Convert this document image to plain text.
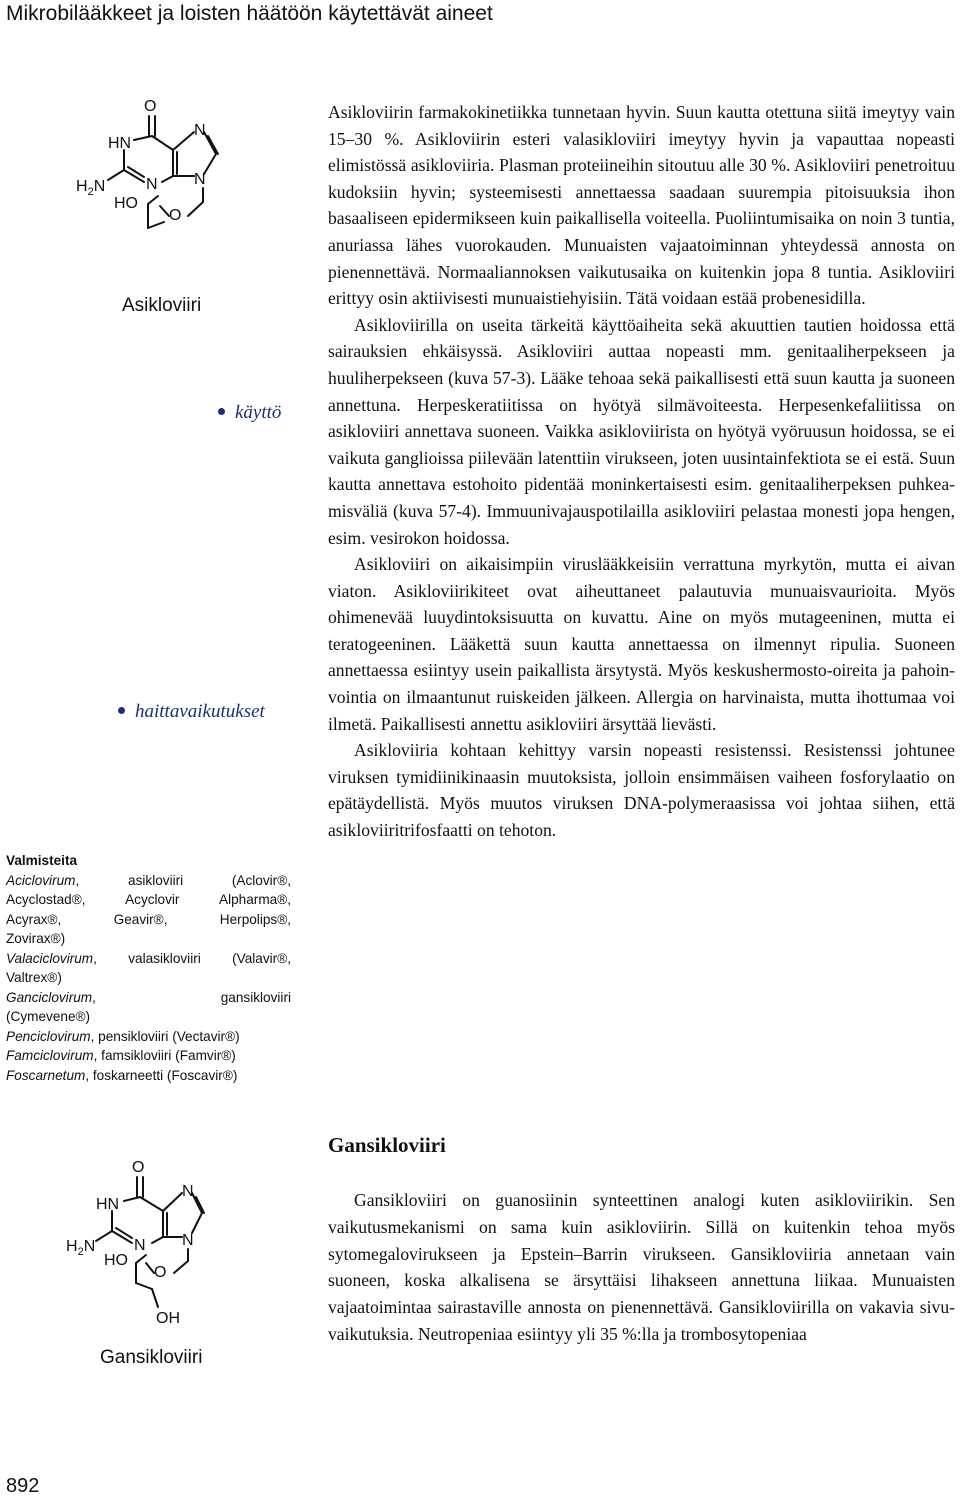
Mikrobilääkkeet ja loisten häätöön käytettävät aineet
O
HN
N
$H_2N$	N N
HO
O
Asikloviiri
käyttö
haittavaikutukset
Valmisteita
Aciclovirum, asikloviiri (Aclovir®,
Acyclostad®, Acyclovir Alpharma®,
Acyrax®, Geavir®, Herpolips®,
Zovirax®)
Valaciclovirum, valasikloviiri (Valavir®,
Valtrex®)
Ganciclovirum, gansikloviiri
(Cymevene®)
Penciclovirum, pensikloviiri (Vectavir®)
Famciclovirum, famsikloviiri (Famvir®)
Foscarnetum, foskarneetti (Foscavir®)

Asikloviirin farmakokinetiikka tunnetaan hyvin. Suun kautta otettuna siitä imeytyy vain 15–30 %. Asikloviirin esteri valasikloviiri imeytyy hyvin ja vapauttaa nopeasti elimistössä asikloviiria. Plasman proteiineihin sitoutuu alle 30 %. Asikloviiri penetroituu kudoksiin hyvin; systeemisesti annettaessa saadaan suurempia pitoisuuksia ihon basaaliseen epidermikseen kuin paikallisella voiteella. Puoliintumisaika on noin 3 tuntia, anuriassa lähes vuorokauden. Munuaisten vajaatoiminnan yhteydessä annosta on pienennettävä. Normaaliannoksen vaikutusaika on kuitenkin jopa 8 tuntia. Asikloviiri erittyy osin aktiivisesti munuaistiehyisiin. Tätä voidaan estää probenesidilla.

Asikloviirilla on useita tärkeitä käyttöaiheita sekä akuuttien tautien hoidossa että sairauksien ehkäisyssä. Asikloviiri auttaa nopeasti mm. genitaaliherpekseen ja huuliherpekseen (kuva 57-3). Lääke tehoaa sekä paikallisesti että suun kautta ja suoneen annettuna. Herpeskeratiitissa on hyötyä silmävoiteesta. Herpesenkefaliitissa on asikloviiri annettava suoneen. Vaikka asikloviirista on hyötyä vyöruusun hoidossa, se ei vaikuta ganglioissa piilevään latenttiin virukseen, joten uusintainfektiota se ei estä. Suun kautta annettava estohoito pidentää moninkertaisesti esim. genitaaliherpeksen puhkeamisväliä (kuva 57-4). Immuunivajauspotilailla asikloviiri pelastaa monesti jopa hengen, esim. vesirokon hoidossa.

Asikloviiri on aikaisimpiin viruslääkkeisiin verrattuna myrkytön, mutta ei aivan viaton. Asikloviirikiteet ovat aiheuttaneet palautuvia munuaisvaurioita. Myös ohimenevää luuydintoksisuutta on kuvattu. Aine on myös mutageeninen, mutta ei teratogeeninen. Lääkettä suun kautta annettaessa on ilmennyt ripulia. Suoneen annettaessa esiintyy usein paikallista ärsytystä. Myös keskushermosto-oireita ja pahoinvointia on ilmaantunut ruiskeiden jälkeen. Allergia on harvinaista, mutta ihottumaa voi ilmetä. Paikallisesti annettu asikloviiri ärsyttää lievästi.

Asikloviiria kohtaan kehittyy varsin nopeasti resistenssi. Resistenssi johtunee viruksen tymidiinikinaasin muutoksista, jolloin ensimmäisen vaiheen fosforylaatio on epätäydellistä. Myös muutos viruksen DNA-polymeraasissa voi johtaa siihen, että asikloviiritrifosfaatti on tehoton.

O
HN
N
$H_2N$ N N
HO
O
OH
Gansikloviiri
Gansikloviiri

Gansikloviiri on guanosiinin synteettinen analogi kuten asikloviirikin. Sen vaikutusmekanismi on sama kuin asikloviirin. Sillä on kuitenkin tehoa myös sytomegalovirukseen ja Epstein–Barrin virukseen. Gansikloviiria annetaan vain suoneen, koska alkalisena se ärsyttäisi lihakseen annettuna liikaa. Munuaisten vajaatoimintaa sairastaville annosta on pienennettävä. Gansikloviirilla on vakavia sivuvaikutuksia. Neutropeniaa esiintyy yli 35 %:lla ja trombosytopeniaa

892
